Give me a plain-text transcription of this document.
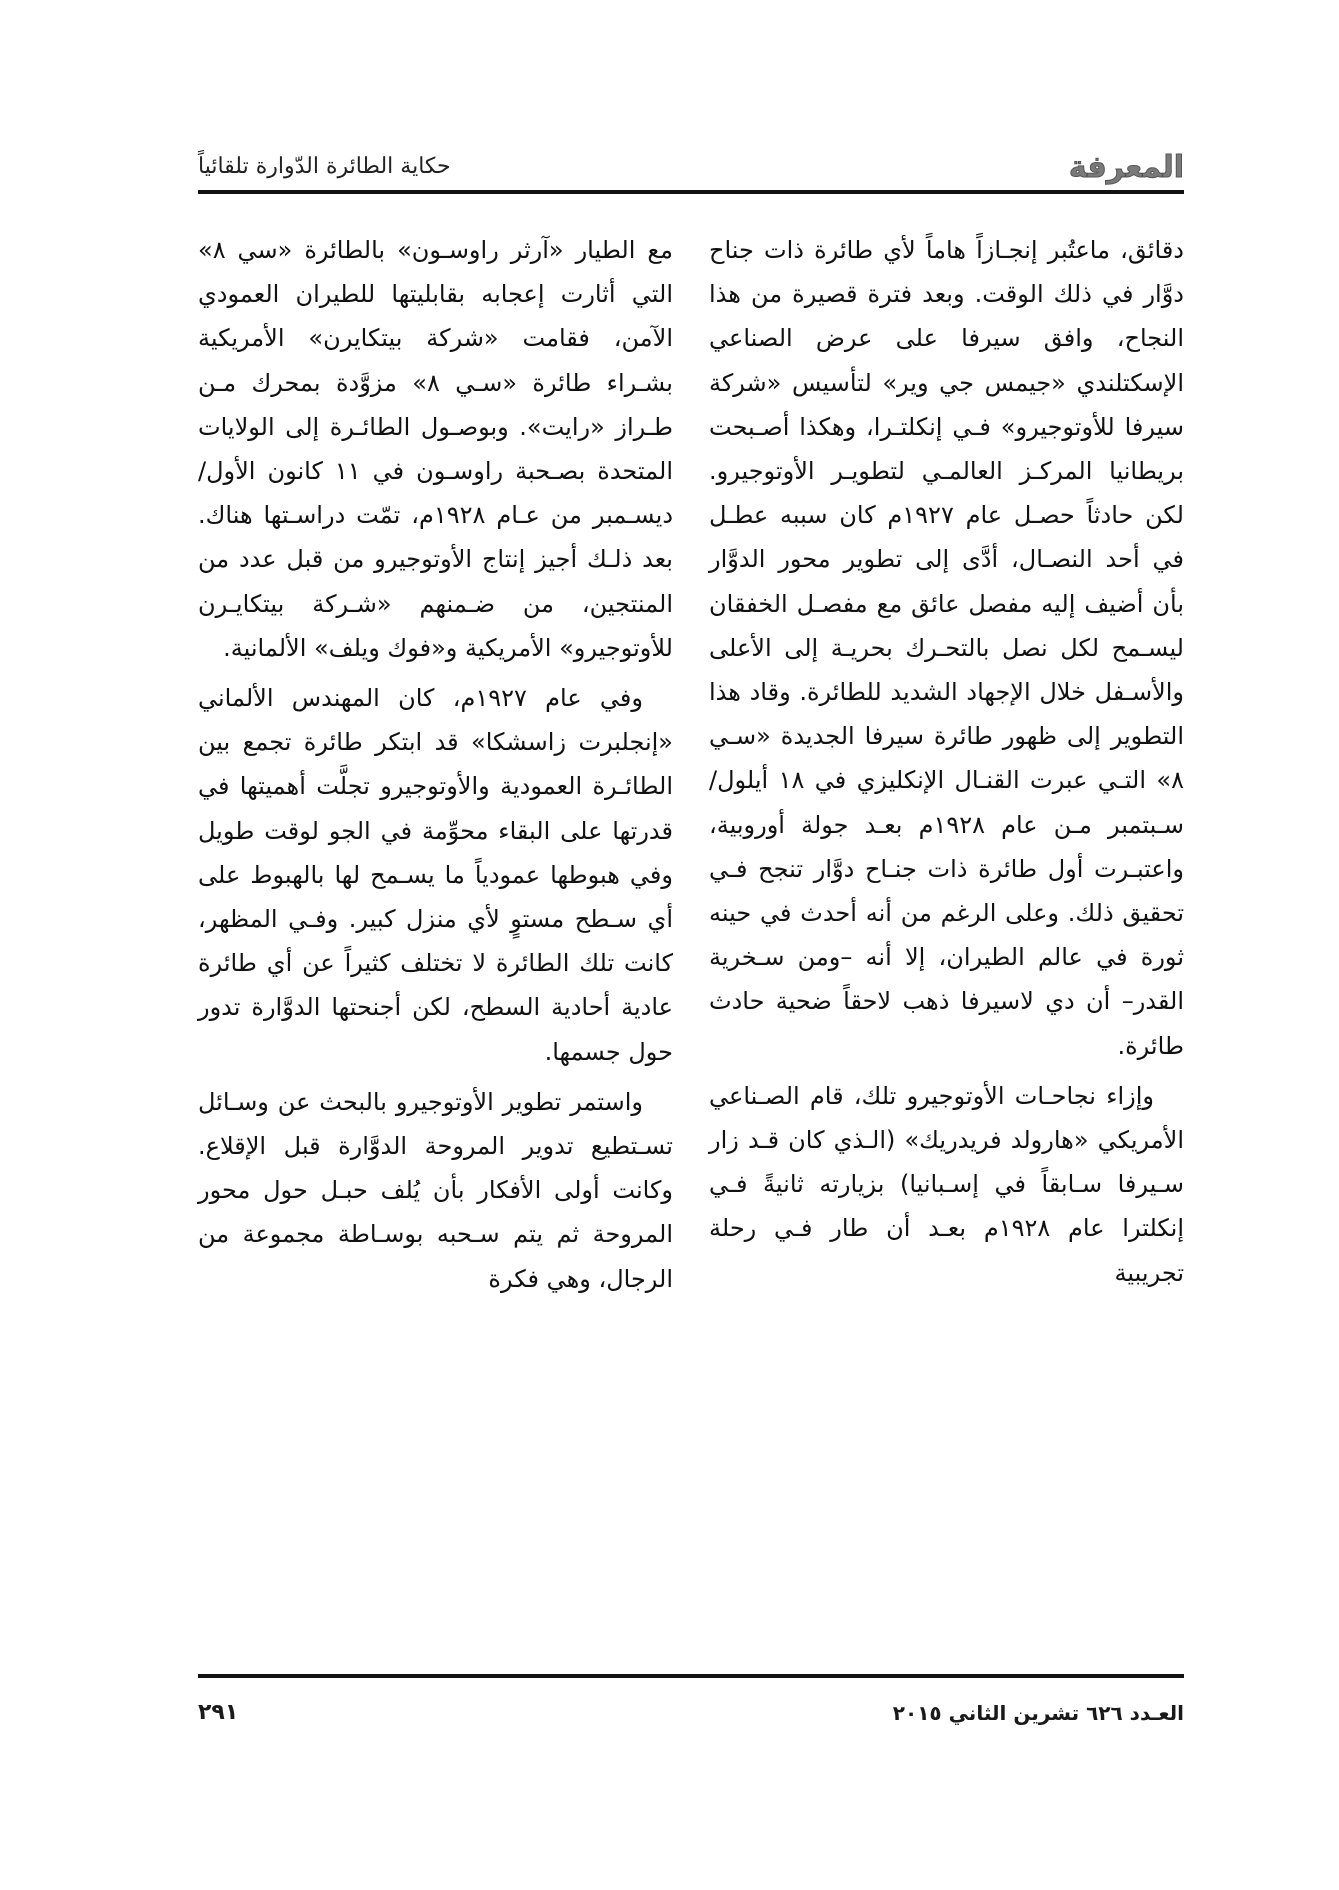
المعرفة
حكاية الطائرة الدّوارة تلقائياً

دقائق، ماعتُبر إنجـازاً هاماً لأي طائرة ذات جناح دوَّار في ذلك الوقت. وبعد فترة قصيرة من هذا النجاح، وافق سيرفا على عرض الصناعي الإسكتلندي «جيمس جي وير» لتأسيس «شركة سيرفا للأوتوجيرو» فـي إنكلتـرا، وهكذا أصـبحت بريطانيا المركـز العالمـي لتطويـر الأوتوجيرو. لكن حادثاً حصـل عام ١٩٢٧م كان سببه عطـل في أحد النصـال، أدَّى إلى تطوير محور الدوَّار بأن أضيف إليه مفصل عائق مع مفصـل الخفقان ليسـمح لكل نصل بالتحـرك بحريـة إلى الأعلى والأسـفل خلال الإجهاد الشديد للطائرة. وقاد هذا التطوير إلى ظهور طائرة سيرفا الجديدة «سـي ٨» التـي عبرت القنـال الإنكليزي في ١٨ أيلول/ سـبتمبر مـن عام ١٩٢٨م بعـد جولة أوروبية، واعتبـرت أول طائرة ذات جنـاح دوَّار تنجح فـي تحقيق ذلك. وعلى الرغم من أنه أحدث في حينه ثورة في عالم الطيران، إلا أنه –ومن سـخرية القدر– أن دي لاسيرفا ذهب لاحقاً ضحية حادث طائرة.

وإزاء نجاحـات الأوتوجيرو تلك، قام الصـناعي الأمريكي «هارولد فريدريك» (الـذي كان قـد زار سـيرفا سـابقاً في إسـبانيا) بزيارته ثانيةً فـي إنكلترا عام ١٩٢٨م بعـد أن طار فـي رحلة تجريبية

مع الطيار «آرثر راوسـون» بالطائرة «سي ٨» التي أثارت إعجابه بقابليتها للطيران العمودي الآمن، فقامت «شركة بيتكايرن» الأمريكية بشـراء طائرة «سـي ٨» مزوَّدة بمحرك مـن طـراز «رايت». وبوصـول الطائـرة إلى الولايات المتحدة بصـحبة راوسـون في ١١ كانون الأول/ ديسـمبر من عـام ١٩٢٨م، تمّت دراسـتها هناك. بعد ذلـك أجيز إنتاج الأوتوجيرو من قبل عدد من المنتجين، من ضـمنهم «شـركة بيتكايـرن للأوتوجيرو» الأمريكية و«فوك ويلف» الألمانية.

وفي عام ١٩٢٧م، كان المهندس الألماني «إنجلبرت زاسشكا» قد ابتكر طائرة تجمع بين الطائـرة العمودية والأوتوجيرو تجلَّت أهميتها في قدرتها على البقاء محوِّمة في الجو لوقت طويل وفي هبوطها عمودياً ما يسـمح لها بالهبوط على أي سـطح مستوٍ لأي منزل كبير. وفـي المظهر، كانت تلك الطائرة لا تختلف كثيراً عن أي طائرة عادية أحادية السطح، لكن أجنحتها الدوَّارة تدور حول جسمها.

واستمر تطوير الأوتوجيرو بالبحث عن وسـائل تسـتطيع تدوير المروحة الدوَّارة قبل الإقلاع. وكانت أولى الأفكار بأن يُلف حبـل حول محور المروحة ثم يتم سـحبه بوسـاطة مجموعة من الرجال، وهي فكرة

العـدد ٦٢٦ تشرين الثاني ٢٠١٥
٢٩١
